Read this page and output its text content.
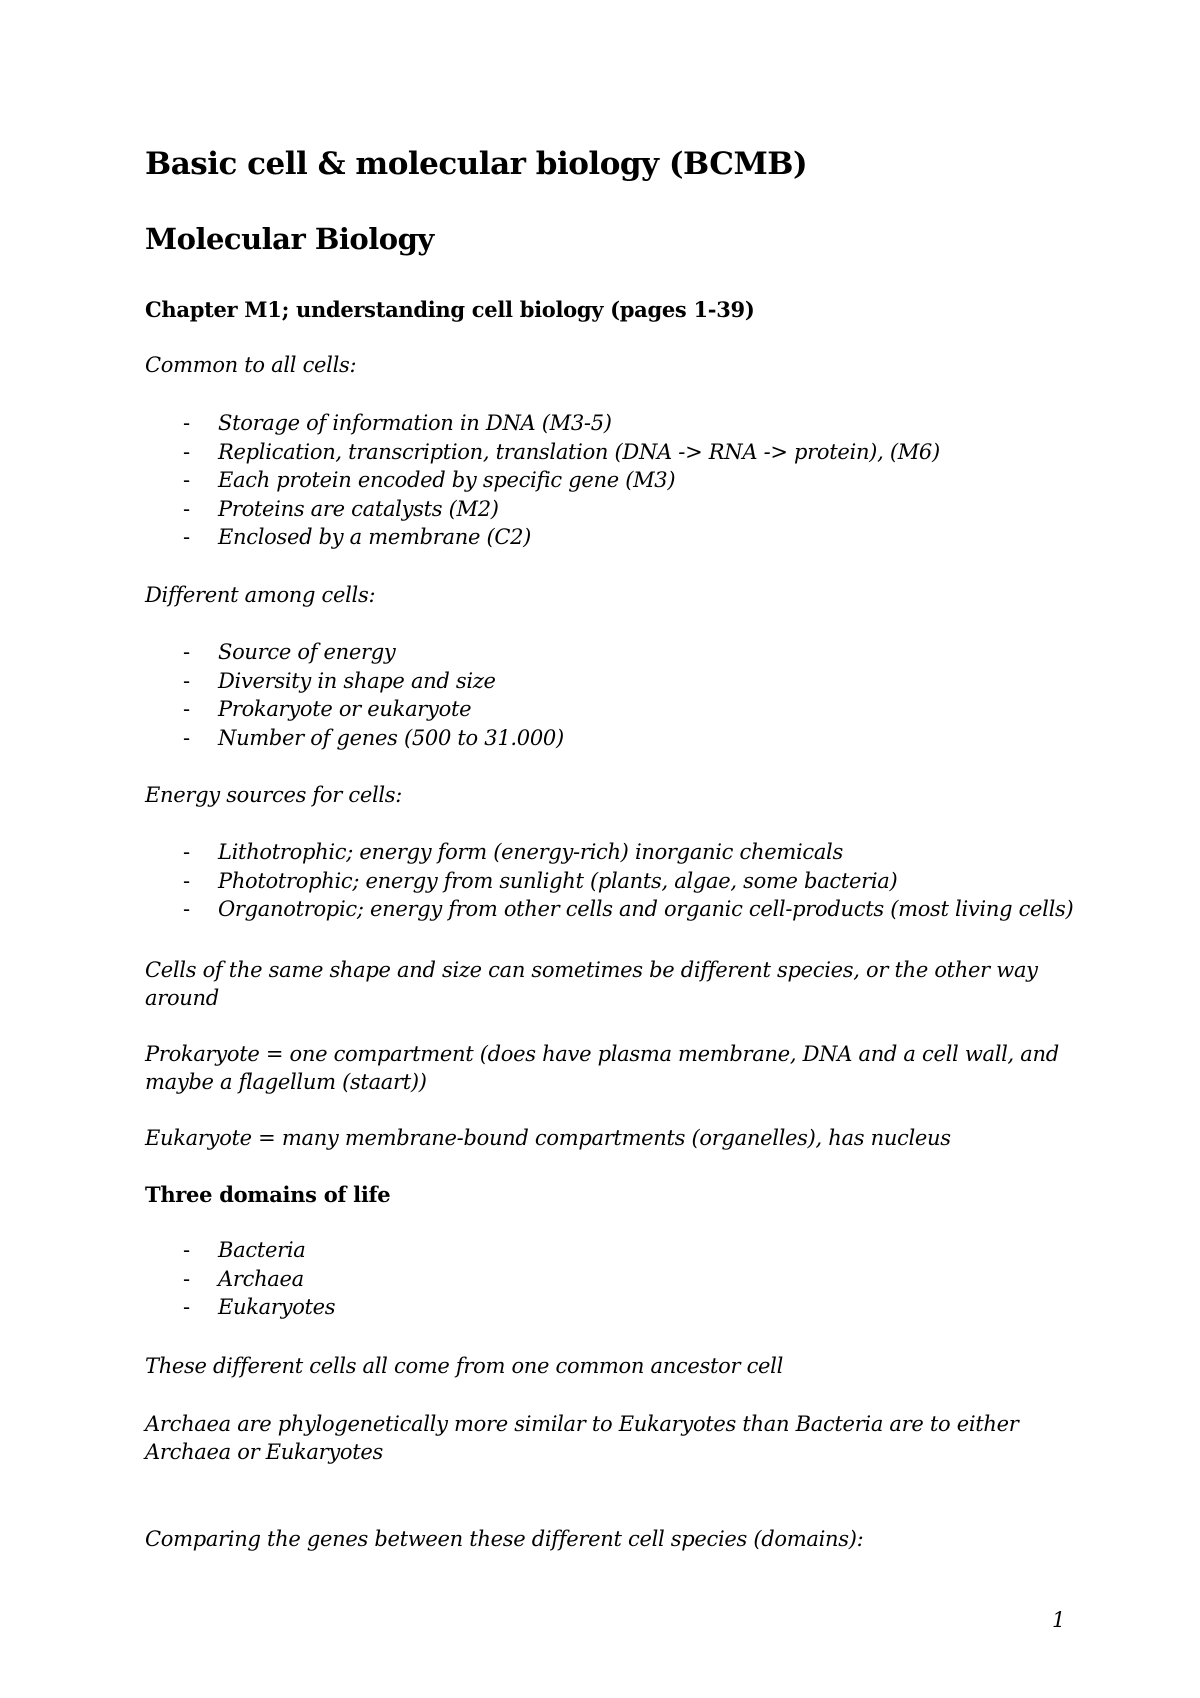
Basic cell & molecular biology (BCMB)
Molecular Biology
Chapter M1; understanding cell biology (pages 1-39)
Common to all cells:
- Storage of information in DNA (M3-5)
- Replication, transcription, translation (DNA -> RNA -> protein), (M6)
- Each protein encoded by specific gene (M3)
- Proteins are catalysts (M2)
- Enclosed by a membrane (C2)
Different among cells:
- Source of energy
- Diversity in shape and size
- Prokaryote or eukaryote
- Number of genes (500 to 31.000)
Energy sources for cells:
- Lithotrophic; energy form (energy-rich) inorganic chemicals
- Phototrophic; energy from sunlight (plants, algae, some bacteria)
- Organotropic; energy from other cells and organic cell-products (most living cells)
Cells of the same shape and size can sometimes be different species, or the other way around
Prokaryote = one compartment (does have plasma membrane, DNA and a cell wall, and maybe a flagellum (staart))
Eukaryote = many membrane-bound compartments (organelles), has nucleus
Three domains of life
- Bacteria
- Archaea
- Eukaryotes
These different cells all come from one common ancestor cell
Archaea are phylogenetically more similar to Eukaryotes than Bacteria are to either Archaea or Eukaryotes
Comparing the genes between these different cell species (domains):
1
